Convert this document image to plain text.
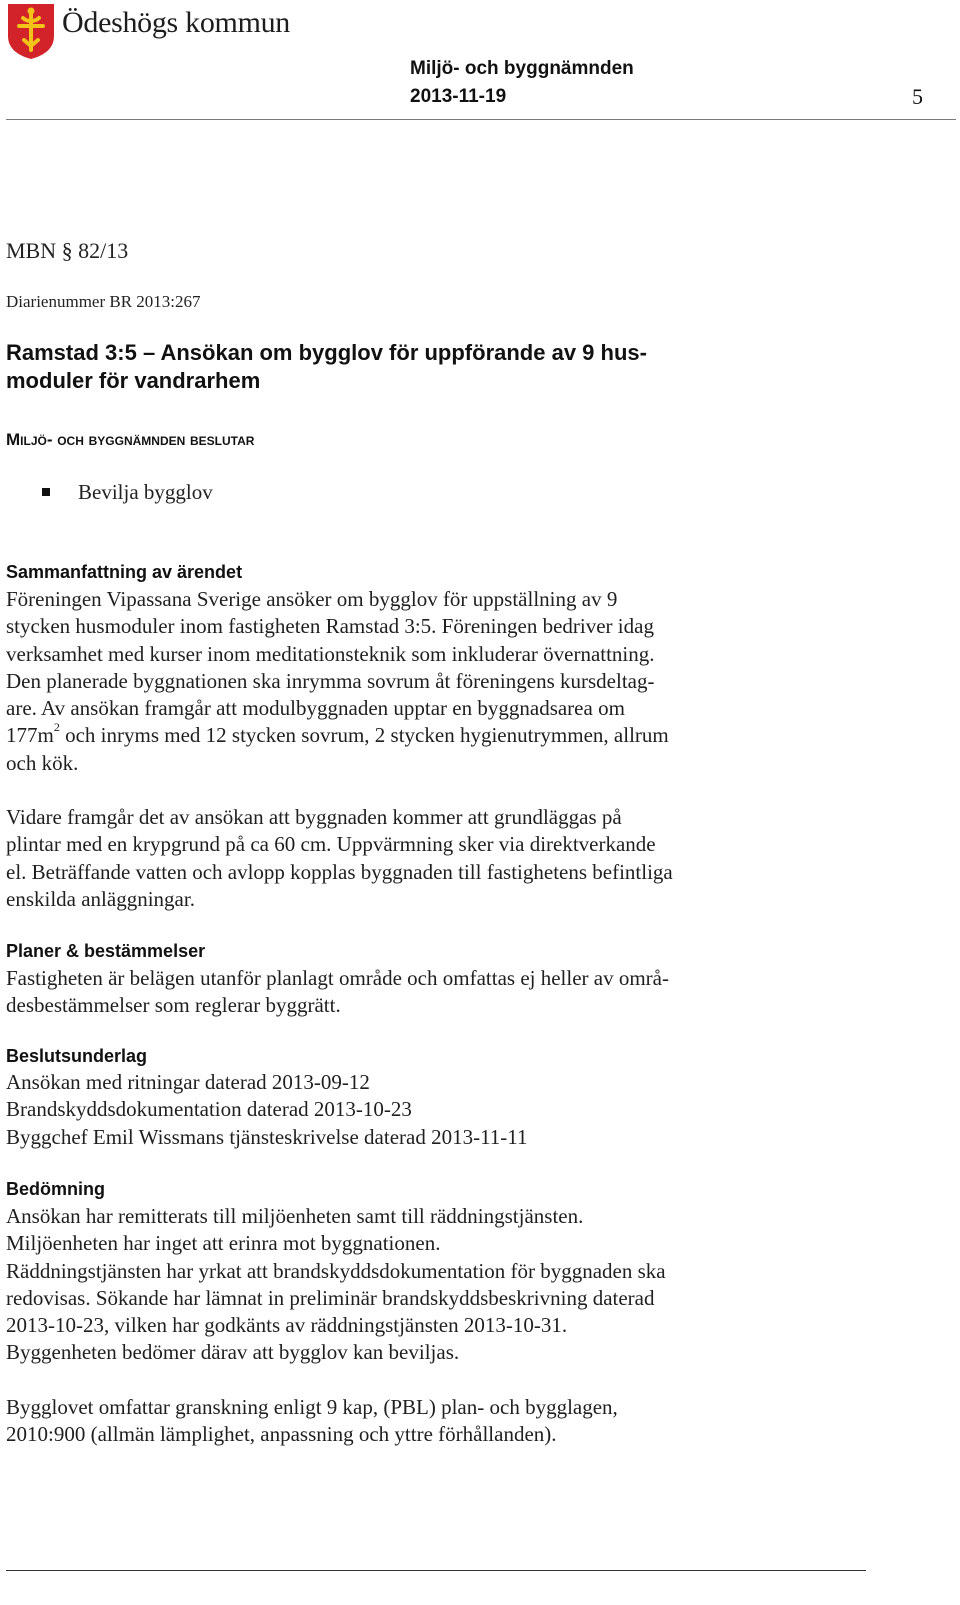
Ödeshögs kommun
Miljö- och byggnämnden
2013-11-19	5
MBN § 82/13
Diarienummer BR 2013:267
Ramstad 3:5 – Ansökan om bygglov för uppförande av 9 hus-
moduler för vandrarhem
Miljö- och byggnämnden beslutar
Bevilja bygglov
Sammanfattning av ärendet
Föreningen Vipassana Sverige ansöker om bygglov för uppställning av 9
stycken husmoduler inom fastigheten Ramstad 3:5. Föreningen bedriver idag
verksamhet med kurser inom meditationsteknik som inkluderar övernattning.
Den planerade byggnationen ska inrymma sovrum åt föreningens kursdeltag-
are. Av ansökan framgår att modulbyggnaden upptar en byggnadsarea om
$177m^2$ och inryms med 12 stycken sovrum, 2 stycken hygienutrymmen, allrum
och kök.
Vidare framgår det av ansökan att byggnaden kommer att grundläggas på
plintar med en krypgrund på ca 60 cm. Uppvärmning sker via direktverkande
el. Beträffande vatten och avlopp kopplas byggnaden till fastighetens befintliga
enskilda anläggningar.
Planer & bestämmelser
Fastigheten är belägen utanför planlagt område och omfattas ej heller av områ-
desbestämmelser som reglerar byggrätt.
Beslutsunderlag
Ansökan med ritningar daterad 2013-09-12
Brandskyddsdokumentation daterad 2013-10-23
Byggchef Emil Wissmans tjänsteskrivelse daterad 2013-11-11
Bedömning
Ansökan har remitterats till miljöenheten samt till räddningstjänsten.
Miljöenheten har inget att erinra mot byggnationen.
Räddningstjänsten har yrkat att brandskyddsdokumentation för byggnaden ska
redovisas. Sökande har lämnat in preliminär brandskyddsbeskrivning daterad
2013-10-23, vilken har godkänts av räddningstjänsten 2013-10-31.
Byggenheten bedömer därav att bygglov kan beviljas.
Bygglovet omfattar granskning enligt 9 kap, (PBL) plan- och bygglagen,
2010:900 (allmän lämplighet, anpassning och yttre förhållanden).
